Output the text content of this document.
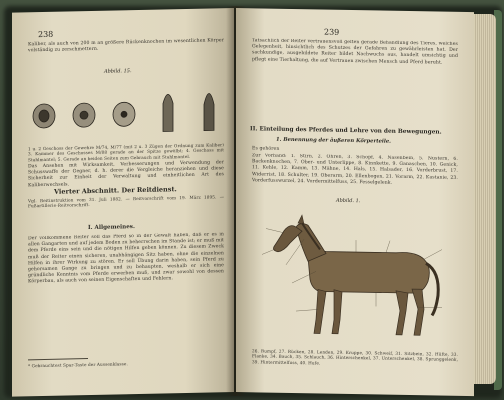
238
Kaliber, als auch von 200 m an größere Rückenknochen im wesentlichen Körper volständig zu zerschmettern.
Abbild. 15.
1 u. 2 Geschoss der Gewehre M/74, M/77 (mit 2 u. 3 Zügen der Ordnung zum Kaliber) 3. Kammer des Geschosses M/88 gerade an der Spitze gewölbt; 4. Geschoss mit Stahlmantel; 5. Gerade an beiden Seiten zum Gebrauch mit Stahlmantel.
Das Ansehen mit Wirksamkeit, Verbesserungen und Verwendung der Schusswaffe der Gegner, d. h. derer die Vergleiche heranziehen und diese Sicherheit zur Einheit der Verwaltung und einheitlichen Art des Kaliberwechsels.
Vierter Abschnitt. Der Reitdienst.
Vgl. Reitinstruktion vom 31. Juli 1882. — Reitvorschrift vom 19. März 1895. — Fußartillerie-Reitvorschrift.
I. Allgemeines.
Der vollkommene Reiter soll das Pferd so in der Gewalt haben, daß er es in allen Gangarten und auf jedem Boden zu beherrschen im Stande ist; er muß mit dem Pferde eins sein und die nötigen Hilfen geben können. Zu diesem Zweck muß der Reiter einen sicheren, unabhängigen Sitz haben, ohne die einzelnen Hilfen in ihrer Wirkung zu stören. Er soll Übung darin haben, sein Pferd zu gehorsamen Gange zu bringen und zu behaupten, weshalb er sich eine gründliche Kenntnis vom Pferde erwerben muß, und zwar sowohl von dessen Körperbau, als auch von seinen Eigenschaften und Fehlern.
* Gebrauchtest Spar-Taste der Aussenklasse.
239
Tatsächlich der Reiter vertrauensvoll gelten gerade Behandlung des Tieres, welches Gelegenheit, hinsichtlich des Schutzes der Gefahren zu gewährleisten hat. Der sachkundige, ausgebildete Reiter bildet Nachwuchs aus, handelt umsichtig und pflegt eine Tierhaltung, die auf Vertrauen zwischen Mensch und Pferd beruht.
II. Einteilung des Pferdes und Lehre von den Bewegungen.
1. Benennung der äußeren Körperteile.
Es gehören
Zur Vorhand: 1. Stirn, 2. Ohren, 3. Schopf, 4. Nasenbein, 5. Nüstern, 6. Backenknochen, 7. Ober- und Unterlippe, 8. Kinnkette, 9. Ganaschen, 10. Genick, 11. Kehle, 12. Kamm, 13. Mähne, 14. Hals, 15. Halsader, 16. Vorderbrust, 17. Widerrist, 18. Schulter, 19. Oberarm, 20. Ellenbogen, 21. Vorarm, 22. Kastanie, 23. Vorderfusswurzel, 24. Vordermittelfuss, 25. Fesselgelenk.
Abbild. 1.
26. Rumpf, 27. Rücken, 28. Lenden, 29. Kruppe, 30. Schweif, 31. Sitzbein, 32. Hüfte, 33. Flanke, 34. Bauch, 35. Schlauch, 36. Hinterschenkel, 37. Unterschenkel, 38. Sprunggelenk, 39. Hintermittelfuss, 40. Hufe.
